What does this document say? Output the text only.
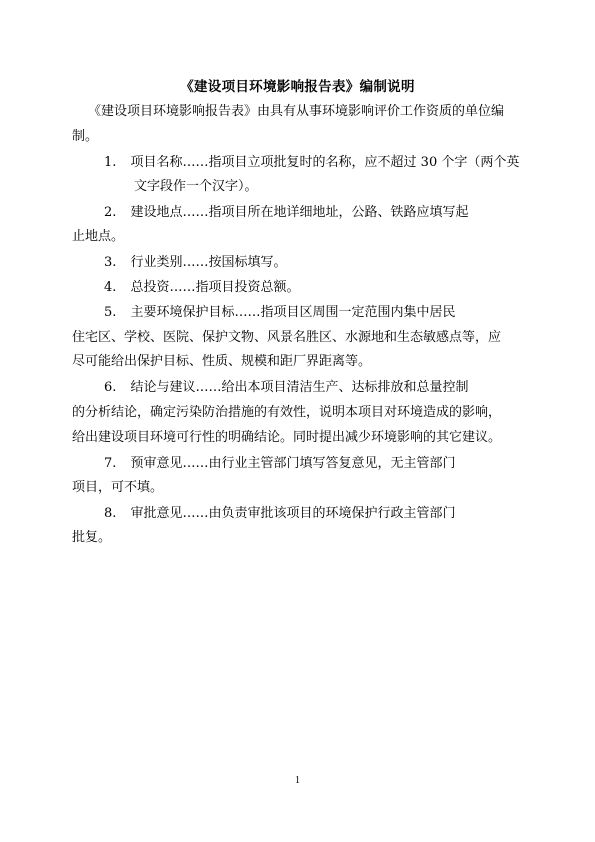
《建设项目环境影响报告表》编制说明
《建设项目环境影响报告表》由具有从事环境影响评价工作资质的单位编
制。
1. 项目名称……指项目立项批复时的名称，应不超过 30 个字（两个英
文字段作一个汉字）。
2. 建设地点……指项目所在地详细地址，公路、铁路应填写起
止地点。
3. 行业类别……按国标填写。
4. 总投资……指项目投资总额。
5. 主要环境保护目标……指项目区周围一定范围内集中居民
住宅区、学校、医院、保护文物、风景名胜区、水源地和生态敏感点等，应
尽可能给出保护目标、性质、规模和距厂界距离等。
6. 结论与建议……给出本项目清洁生产、达标排放和总量控制
的分析结论，确定污染防治措施的有效性，说明本项目对环境造成的影响，
给出建设项目环境可行性的明确结论。同时提出减少环境影响的其它建议。
7. 预审意见……由行业主管部门填写答复意见，无主管部门
项目，可不填。
8. 审批意见……由负责审批该项目的环境保护行政主管部门
批复。
1
